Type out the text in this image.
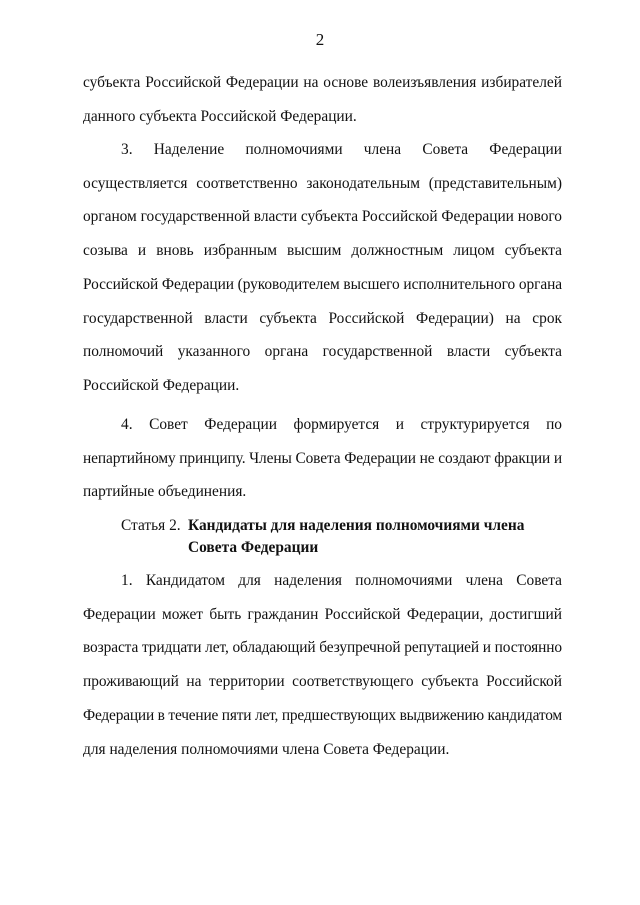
2
субъекта Российской Федерации на основе волеизъявления избирателей
данного субъекта Российской Федерации.
3. Наделение полномочиями члена Совета Федерации
осуществляется соответственно законодательным (представительным)
органом государственной власти субъекта Российской Федерации нового
созыва и вновь избранным высшим должностным лицом субъекта
Российской Федерации (руководителем высшего исполнительного органа
государственной власти субъекта Российской Федерации) на срок
полномочий указанного органа государственной власти субъекта
Российской Федерации.
4. Совет Федерации формируется и структурируется по
непартийному принципу. Члены Совета Федерации не создают фракции и
партийные объединения.
Статья 2. Кандидаты для наделения полномочиями члена
Совета Федерации
1. Кандидатом для наделения полномочиями члена Совета
Федерации может быть гражданин Российской Федерации, достигший
возраста тридцати лет, обладающий безупречной репутацией и постоянно
проживающий на территории соответствующего субъекта Российской
Федерации в течение пяти лет, предшествующих выдвижению кандидатом
для наделения полномочиями члена Совета Федерации.
